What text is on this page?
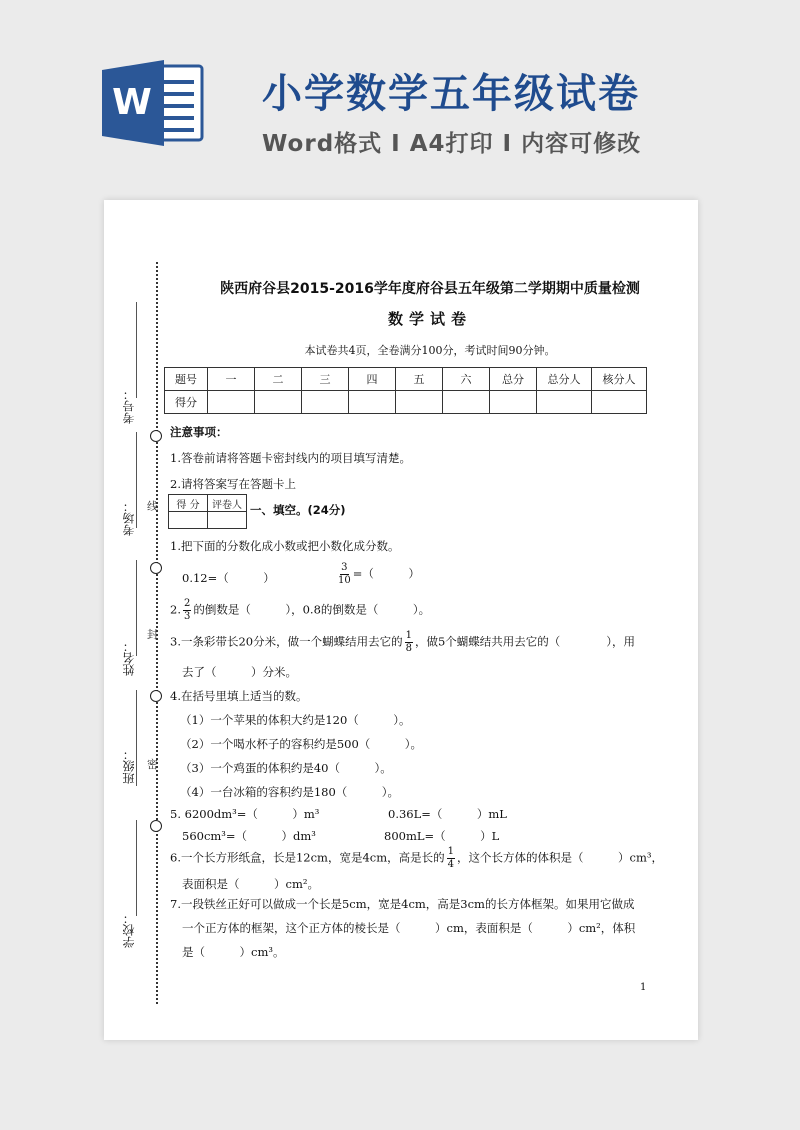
W	小学数学五年级试卷
Word格式 I A4打印 I 内容可修改
考号：
考场：
姓名：
班级：
学校：
线
封
密
陕西府谷县2015-2016学年度府谷县五年级第二学期期中质量检测
数学试卷
本试卷共4页，全卷满分100分，考试时间90分钟。
题号	一	二	三	四	五	六	总分	总分人	核分人
得分									
注意事项：
1.答卷前请将答题卡密封线内的项目填写清楚。
2.请将答案写在答题卡上
得 分	评卷人
	一、填空。(24分)
1.把下面的分数化成小数或把小数化成分数。
0.12=（　　　）	$\frac{3}{10}$ =（　　　）
2. $\frac{2}{3}$ 的倒数是（　　　），0.8的倒数是（　　　）。
3.一条彩带长20分米，做一个蝴蝶结用去它的 $\frac{1}{8}$ ，做5个蝴蝶结共用去它的（　　　　），用
去了（　　　）分米。
4.在括号里填上适当的数。
（1）一个苹果的体积大约是120（　　　）。
（2）一个喝水杯子的容积约是500（　　　）。
（3）一个鸡蛋的体积约是40（　　　）。
（4）一台冰箱的容积约是180（　　　）。
5. 6200dm³=（　　　）m³	0.36L=（　　　）mL
560cm³=（　　　）dm³	800mL=（　　　）L
6.一个长方形纸盒，长是12cm，宽是4cm，高是长的 $\frac{1}{4}$ ，这个长方体的体积是（　　　）cm³，
表面积是（　　　）cm²。
7.一段铁丝正好可以做成一个长是5cm，宽是4cm，高是3cm的长方体框架。如果用它做成
一个正方体的框架，这个正方体的棱长是（　　　）cm，表面积是（　　　）cm²，体积
是（　　　）cm³。
1
